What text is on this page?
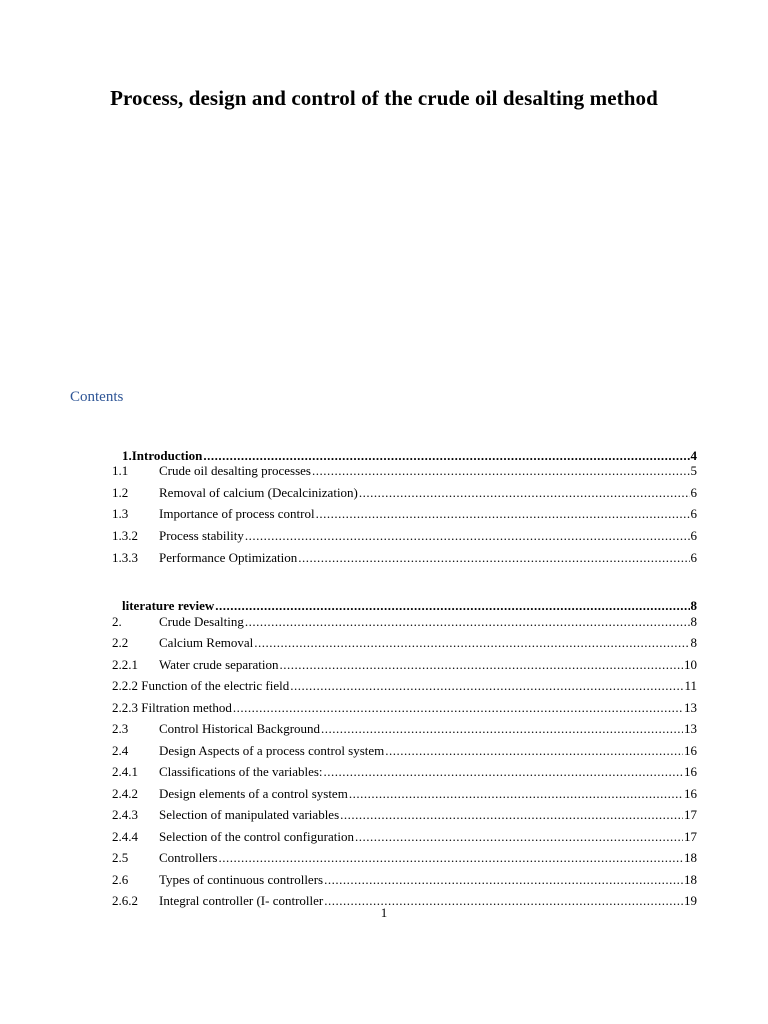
Process, design and control of the crude oil desalting method
Contents
1.Introduction .....	4
1.1	Crude oil desalting processes .....	5
1.2	Removal of calcium (Decalcinization) .....	6
1.3	Importance of process control .....	6
1.3.2	Process stability .....	6
1.3.3	Performance Optimization .....	6
literature review .....	8
2.	Crude Desalting .....	8
2.2	Calcium Removal .....	8
2.2.1	Water crude separation .....	10
2.2.2 Function of the electric field .....	11
2.2.3 Filtration method .....	13
2.3	Control Historical Background .....	13
2.4	Design Aspects of a process control system .....	16
2.4.1	Classifications of the variables: .....	16
2.4.2	Design elements of a control system .....	16
2.4.3	Selection of manipulated variables .....	17
2.4.4	Selection of the control configuration .....	17
2.5	Controllers .....	18
2.6	Types of continuous controllers .....	18
2.6.2	Integral controller (I- controller .....	19
1
